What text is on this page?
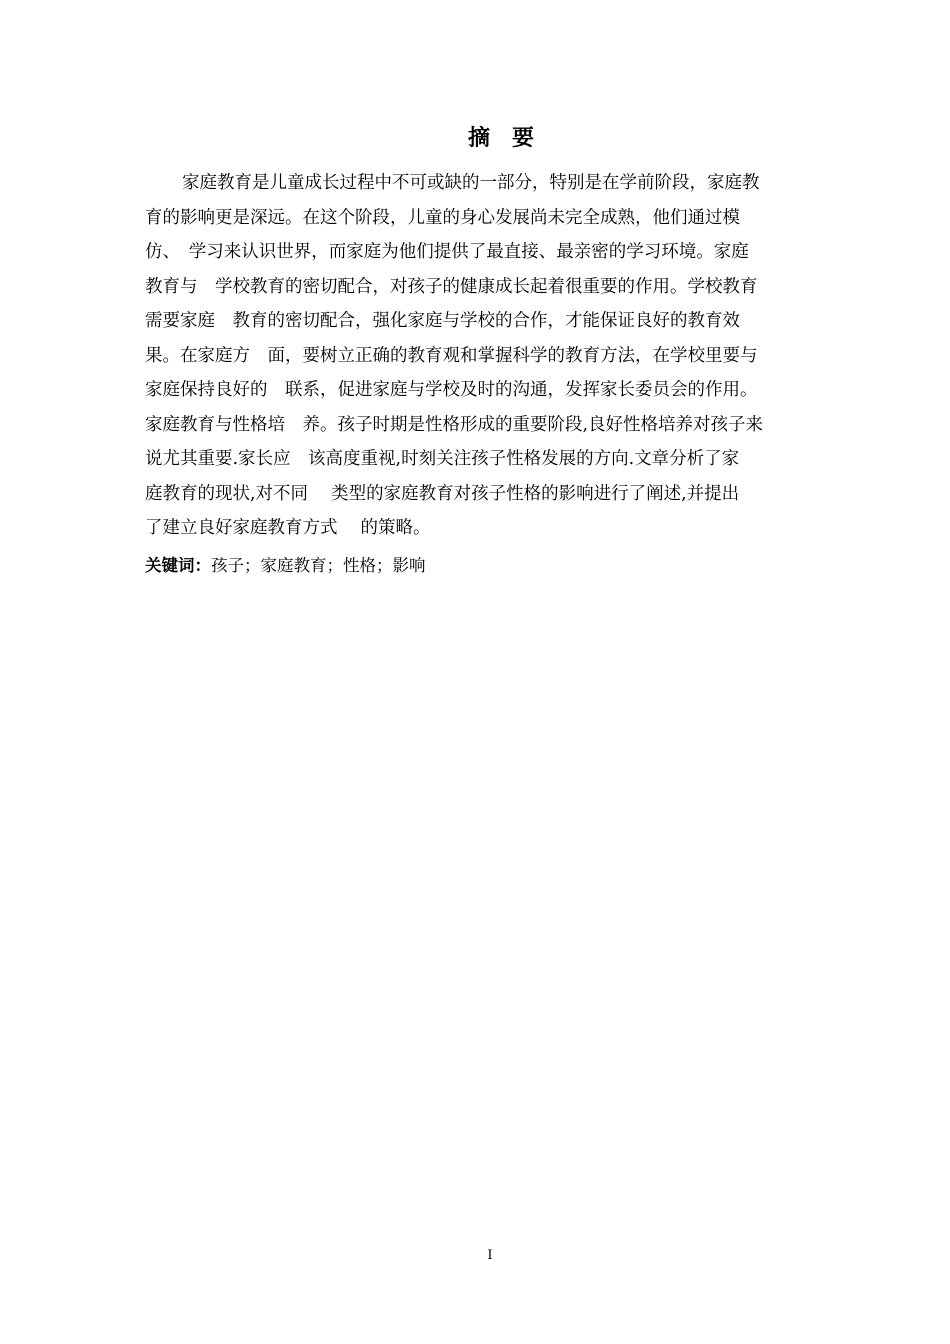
摘　要

家庭教育是儿童成长过程中不可或缺的一部分，特别是在学前阶段，家庭教

育的影响更是深远。在这个阶段，儿童的身心发展尚未完全成熟，他们通过模

仿、　学习来认识世界，而家庭为他们提供了最直接、最亲密的学习环境。家庭

教育与　学校教育的密切配合，对孩子的健康成长起着很重要的作用。学校教育

需要家庭　教育的密切配合，强化家庭与学校的合作，才能保证良好的教育效

果。在家庭方　面，要树立正确的教育观和掌握科学的教育方法，在学校里要与

家庭保持良好的　联系，促进家庭与学校及时的沟通，发挥家长委员会的作用。

家庭教育与性格培　养。孩子时期是性格形成的重要阶段,良好性格培养对孩子来

说尤其重要.家长应　该高度重视,时刻关注孩子性格发展的方向.文章分析了家

庭教育的现状,对不同　 类型的家庭教育对孩子性格的影响进行了阐述,并提出

了建立良好家庭教育方式　 的策略。

关键词：孩子；家庭教育；性格；影响

I
